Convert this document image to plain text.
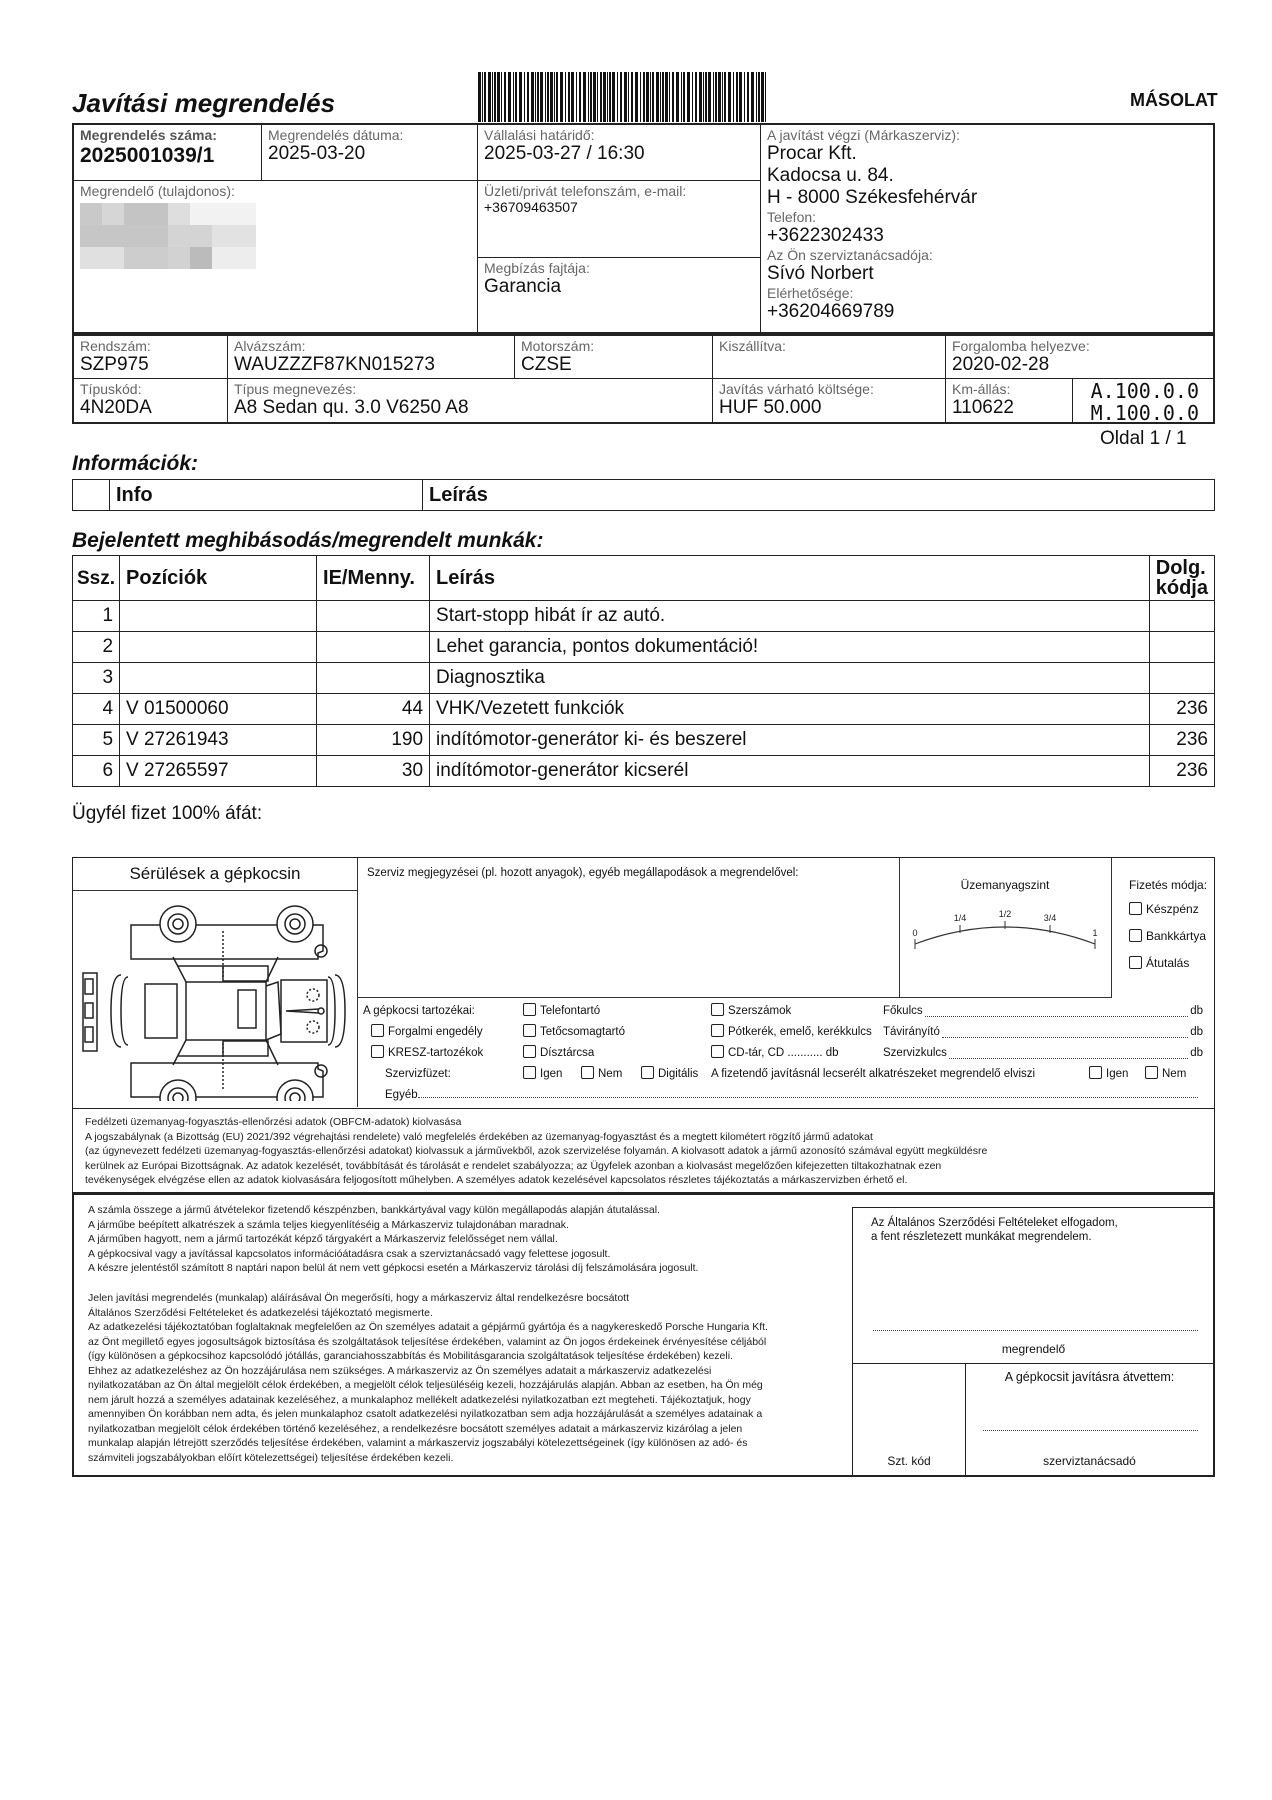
Javítási megrendelés	MÁSOLAT
Megrendelés száma:
2025001039/1
Megrendelés dátuma:
2025-03-20
Megrendelő (tulajdonos):
Vállalási határidő:
2025-03-27 / 16:30
Üzleti/privát telefonszám, e-mail:
+36709463507
Megbízás fajtája:
Garancia
A javítást végzi (Márkaszerviz):
Procar Kft.
Kadocsa u. 84.
H - 8000 Székesfehérvár
Telefon:
+3622302433
Az Ön szerviztanácsadója:
Sívó Norbert
Elérhetősége:
+36204669789
Rendszám:
SZP975
Alvázszám:
WAUZZZF87KN015273
Motorszám:
CZSE
Kiszállítva:	Forgalomba helyezve:
2020-02-28
Típuskód:
4N20DA
Típus megnevezés:
A8 Sedan qu. 3.0 V6250 A8
Javítás várható költsége:
HUF 50.000
Km-állás:
110622
A.100.0.0
M.100.0.0
Oldal 1 / 1
Információk:
	Info	Leírás
Bejelentett meghibásodás/megrendelt munkák:
Ssz.	Pozíciók	IE/Menny.	Leírás	Dolg. kódja
1			Start-stopp hibát ír az autó.	
2			Lehet garancia, pontos dokumentáció!	
3			Diagnosztika	
4	V 01500060	44	VHK/Vezetett funkciók	236
5	V 27261943	190	indítómotor-generátor ki- és beszerel	236
6	V 27265597	30	indítómotor-generátor kicserél	236
Ügyfél fizet 100% áfát:
Sérülések a gépkocsin	Szerviz megjegyzései (pl. hozott anyagok), egyéb megállapodások a megrendelővel:
Üzemanyagszint
0
1/4	1/2	3/4
1
Fizetés módja:
Készpénz
Bankkártya
Átutalás
A gépkocsi tartozékai:
Forgalmi engedély
KRESZ-tartozékok
Szervizfüzet:
Egyéb
Telefontartó
Tetőcsomagtartó
Dísztárcsa
Igen	Nem	Digitális
Szerszámok
Pótkerék, emelő, kerékkulcs
CD-tár, CD ........... db
A fizetendő javításnál lecserélt alkatrészeket megrendelő elviszi	Igen	Nem
Főkulcs	db
Távirányító	db
Szervizkulcs	db
Fedélzeti üzemanyag-fogyasztás-ellenőrzési adatok (OBFCM-adatok) kiolvasása
A jogszabálynak (a Bizottság (EU) 2021/392 végrehajtási rendelete) való megfelelés érdekében az üzemanyag-fogyasztást és a megtett kilométert rögzítő jármű adatokat
(az úgynevezett fedélzeti üzemanyag-fogyasztás-ellenőrzési adatokat) kiolvassuk a járművekből, azok szervizelése folyamán. A kiolvasott adatok a jármű azonosító számával együtt megküldésre
kerülnek az Európai Bizottságnak. Az adatok kezelését, továbbítását és tárolását e rendelet szabályozza; az Ügyfelek azonban a kiolvasást megelőzően kifejezetten tiltakozhatnak ezen
tevékenységek elvégzése ellen az adatok kiolvasására feljogosított műhelyben. A személyes adatok kezelésével kapcsolatos részletes tájékoztatás a márkaszervizben érhető el.
A számla összege a jármű átvételekor fizetendő készpénzben, bankkártyával vagy külön megállapodás alapján átutalással.
A járműbe beépített alkatrészek a számla teljes kiegyenlítéséig a Márkaszerviz tulajdonában maradnak.
A járműben hagyott, nem a jármű tartozékát képző tárgyakért a Márkaszerviz felelősséget nem vállal.
A gépkocsival vagy a javítással kapcsolatos információátadásra csak a szerviztanácsadó vagy felettese jogosult.
A készre jelentéstől számított 8 naptári napon belül át nem vett gépkocsi esetén a Márkaszerviz tárolási díj felszámolására jogosult.
Jelen javítási megrendelés (munkalap) aláírásával Ön megerősíti, hogy a márkaszerviz által rendelkezésre bocsátott
Általános Szerződési Feltételeket és adatkezelési tájékoztató megismerte.
Az adatkezelési tájékoztatóban foglaltaknak megfelelően az Ön személyes adatait a gépjármű gyártója és a nagykereskedő Porsche Hungaria Kft.
az Önt megillető egyes jogosultságok biztosítása és szolgáltatások teljesítése érdekében, valamint az Ön jogos érdekeinek érvényesítése céljából
(így különösen a gépkocsihoz kapcsolódó jótállás, garanciahosszabbítás és Mobilitásgarancia szolgáltatások teljesítése érdekében) kezeli.
Ehhez az adatkezeléshez az Ön hozzájárulása nem szükséges. A márkaszerviz az Ön személyes adatait a márkaszerviz adatkezelési
nyilatkozatában az Ön által megjelölt célok érdekében, a megjelölt célok teljesüléséig kezeli, hozzájárulás alapján. Abban az esetben, ha Ön még
nem járult hozzá a személyes adatainak kezeléséhez, a munkalaphoz mellékelt adatkezelési nyilatkozatban ezt megteheti. Tájékoztatjuk, hogy
amennyiben Ön korábban nem adta, és jelen munkalaphoz csatolt adatkezelési nyilatkozatban sem adja hozzájárulását a személyes adatainak a
nyilatkozatban megjelölt célok érdekében történő kezeléséhez, a rendelkezésre bocsátott személyes adatait a márkaszerviz kizárólag a jelen
munkalap alapján létrejött szerződés teljesítése érdekében, valamint a márkaszerviz jogszabályi kötelezettségeinek (így különösen az adó- és
számviteli jogszabályokban előírt kötelezettségei) teljesítése érdekében kezeli.
Az Általános Szerződési Feltételeket elfogadom,
a fent részletezett munkákat megrendelem.
megrendelő
Szt. kód
A gépkocsit javításra átvettem:
szerviztanácsadó
